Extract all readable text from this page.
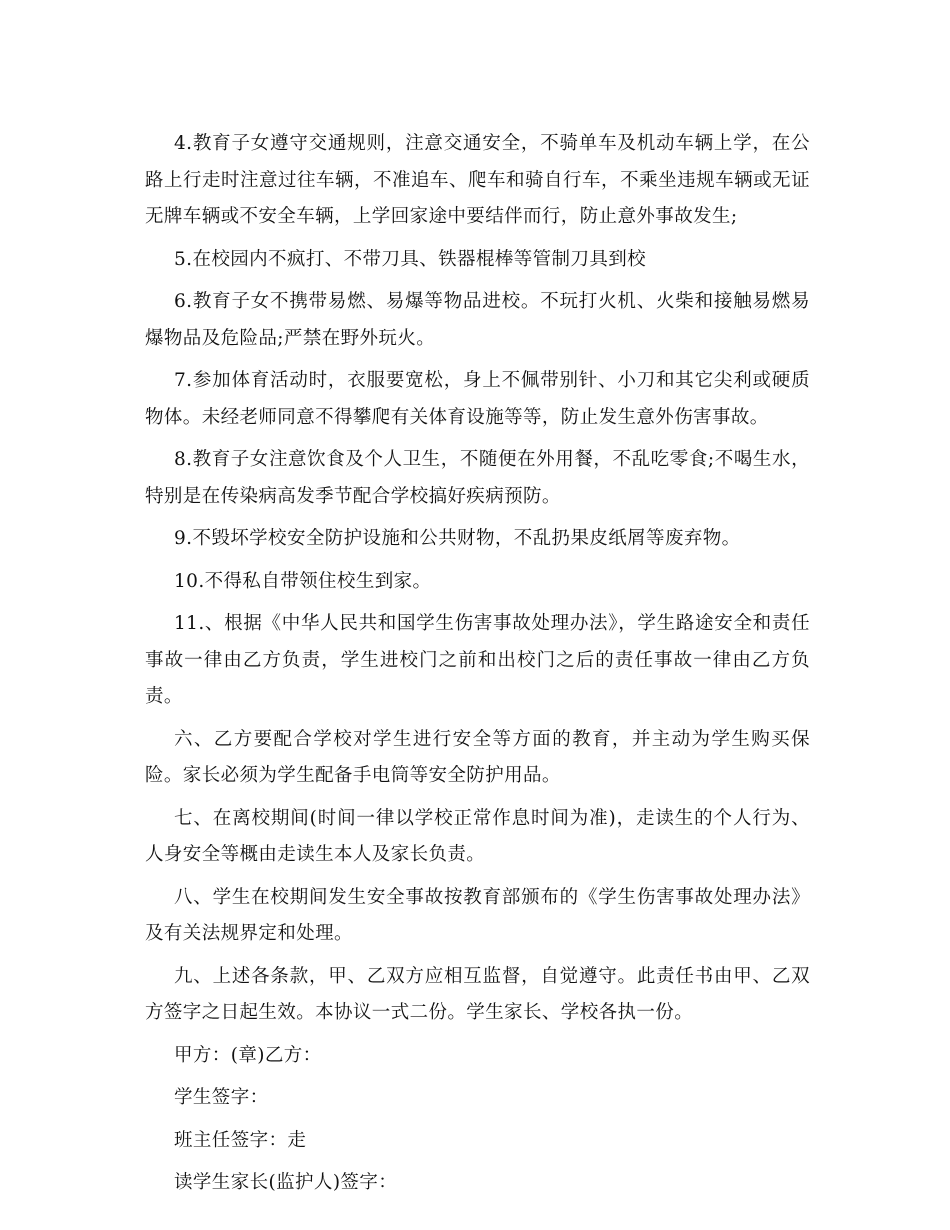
4.教育子女遵守交通规则，注意交通安全，不骑单车及机动车辆上学，在公路上行走时注意过往车辆，不准追车、爬车和骑自行车，不乘坐违规车辆或无证无牌车辆或不安全车辆，上学回家途中要结伴而行，防止意外事故发生;

5.在校园内不疯打、不带刀具、铁器棍棒等管制刀具到校

6.教育子女不携带易燃、易爆等物品进校。不玩打火机、火柴和接触易燃易爆物品及危险品;严禁在野外玩火。

7.参加体育活动时，衣服要宽松，身上不佩带别针、小刀和其它尖利或硬质物体。未经老师同意不得攀爬有关体育设施等等，防止发生意外伤害事故。

8.教育子女注意饮食及个人卫生，不随便在外用餐，不乱吃零食;不喝生水，特别是在传染病高发季节配合学校搞好疾病预防。

9.不毁坏学校安全防护设施和公共财物，不乱扔果皮纸屑等废弃物。

10.不得私自带领住校生到家。

11.、根据《中华人民共和国学生伤害事故处理办法》，学生路途安全和责任事故一律由乙方负责，学生进校门之前和出校门之后的责任事故一律由乙方负责。

六、乙方要配合学校对学生进行安全等方面的教育，并主动为学生购买保险。家长必须为学生配备手电筒等安全防护用品。

七、在离校期间(时间一律以学校正常作息时间为准)，走读生的个人行为、人身安全等概由走读生本人及家长负责。

八、学生在校期间发生安全事故按教育部颁布的《学生伤害事故处理办法》及有关法规界定和处理。

九、上述各条款，甲、乙双方应相互监督，自觉遵守。此责任书由甲、乙双方签字之日起生效。本协议一式二份。学生家长、学校各执一份。

甲方：(章)乙方：

学生签字：

班主任签字：走

读学生家长(监护人)签字：
